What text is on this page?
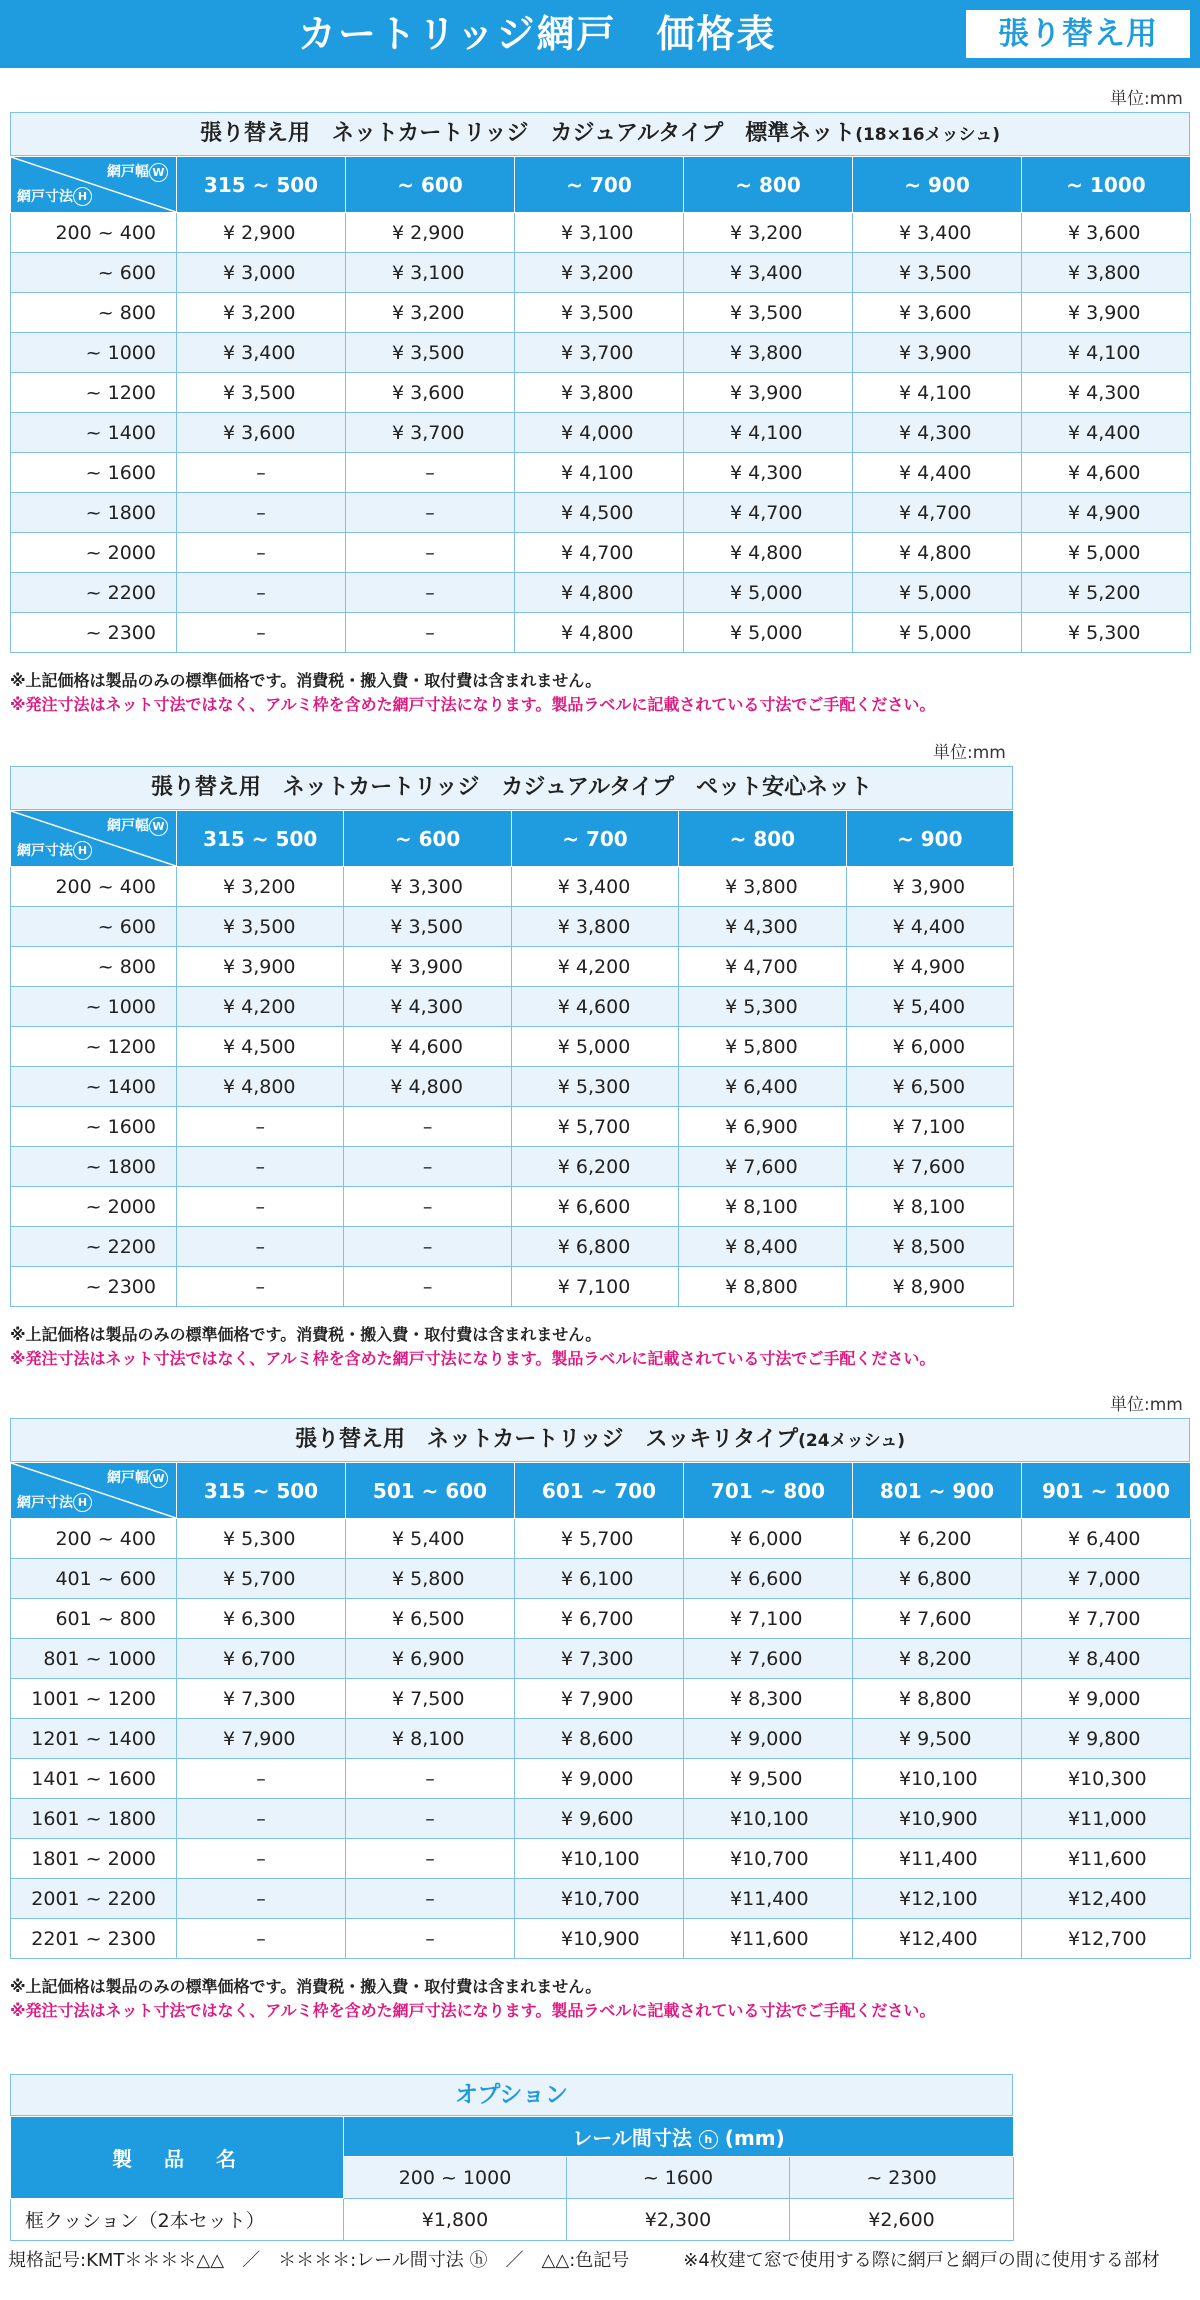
カートリッジ網戸　価格表	張り替え用
単位:mm
張り替え用　ネットカートリッジ　カジュアルタイプ　標準ネット(18×16メッシュ)
網戸幅 W
網戸寸法 H	315 ~ 500	~ 600	~ 700	~ 800	~ 900	~ 1000
200 ~ 400	¥ 2,900	¥ 2,900	¥ 3,100	¥ 3,200	¥ 3,400	¥ 3,600
~ 600	¥ 3,000	¥ 3,100	¥ 3,200	¥ 3,400	¥ 3,500	¥ 3,800
~ 800	¥ 3,200	¥ 3,200	¥ 3,500	¥ 3,500	¥ 3,600	¥ 3,900
~ 1000	¥ 3,400	¥ 3,500	¥ 3,700	¥ 3,800	¥ 3,900	¥ 4,100
~ 1200	¥ 3,500	¥ 3,600	¥ 3,800	¥ 3,900	¥ 4,100	¥ 4,300
~ 1400	¥ 3,600	¥ 3,700	¥ 4,000	¥ 4,100	¥ 4,300	¥ 4,400
~ 1600	–	–	¥ 4,100	¥ 4,300	¥ 4,400	¥ 4,600
~ 1800	–	–	¥ 4,500	¥ 4,700	¥ 4,700	¥ 4,900
~ 2000	–	–	¥ 4,700	¥ 4,800	¥ 4,800	¥ 5,000
~ 2200	–	–	¥ 4,800	¥ 5,000	¥ 5,000	¥ 5,200
~ 2300	–	–	¥ 4,800	¥ 5,000	¥ 5,000	¥ 5,300
※上記価格は製品のみの標準価格です。消費税・搬入費・取付費は含まれません。
※発注寸法はネット寸法ではなく、アルミ枠を含めた網戸寸法になります。製品ラベルに記載されている寸法でご手配ください。
単位:mm
張り替え用　ネットカートリッジ　カジュアルタイプ　ペット安心ネット
網戸幅 W
網戸寸法 H	315 ~ 500	~ 600	~ 700	~ 800	~ 900
200 ~ 400	¥ 3,200	¥ 3,300	¥ 3,400	¥ 3,800	¥ 3,900
~ 600	¥ 3,500	¥ 3,500	¥ 3,800	¥ 4,300	¥ 4,400
~ 800	¥ 3,900	¥ 3,900	¥ 4,200	¥ 4,700	¥ 4,900
~ 1000	¥ 4,200	¥ 4,300	¥ 4,600	¥ 5,300	¥ 5,400
~ 1200	¥ 4,500	¥ 4,600	¥ 5,000	¥ 5,800	¥ 6,000
~ 1400	¥ 4,800	¥ 4,800	¥ 5,300	¥ 6,400	¥ 6,500
~ 1600	–	–	¥ 5,700	¥ 6,900	¥ 7,100
~ 1800	–	–	¥ 6,200	¥ 7,600	¥ 7,600
~ 2000	–	–	¥ 6,600	¥ 8,100	¥ 8,100
~ 2200	–	–	¥ 6,800	¥ 8,400	¥ 8,500
~ 2300	–	–	¥ 7,100	¥ 8,800	¥ 8,900
※上記価格は製品のみの標準価格です。消費税・搬入費・取付費は含まれません。
※発注寸法はネット寸法ではなく、アルミ枠を含めた網戸寸法になります。製品ラベルに記載されている寸法でご手配ください。
単位:mm
張り替え用　ネットカートリッジ　スッキリタイプ(24メッシュ)
網戸幅 W
網戸寸法 H	315 ~ 500	501 ~ 600	601 ~ 700	701 ~ 800	801 ~ 900	901 ~ 1000
200 ~ 400	¥ 5,300	¥ 5,400	¥ 5,700	¥ 6,000	¥ 6,200	¥ 6,400
401 ~ 600	¥ 5,700	¥ 5,800	¥ 6,100	¥ 6,600	¥ 6,800	¥ 7,000
601 ~ 800	¥ 6,300	¥ 6,500	¥ 6,700	¥ 7,100	¥ 7,600	¥ 7,700
801 ~ 1000	¥ 6,700	¥ 6,900	¥ 7,300	¥ 7,600	¥ 8,200	¥ 8,400
1001 ~ 1200	¥ 7,300	¥ 7,500	¥ 7,900	¥ 8,300	¥ 8,800	¥ 9,000
1201 ~ 1400	¥ 7,900	¥ 8,100	¥ 8,600	¥ 9,000	¥ 9,500	¥ 9,800
1401 ~ 1600	–	–	¥ 9,000	¥ 9,500	¥10,100	¥10,300
1601 ~ 1800	–	–	¥ 9,600	¥10,100	¥10,900	¥11,000
1801 ~ 2000	–	–	¥10,100	¥10,700	¥11,400	¥11,600
2001 ~ 2200	–	–	¥10,700	¥11,400	¥12,100	¥12,400
2201 ~ 2300	–	–	¥10,900	¥11,600	¥12,400	¥12,700
※上記価格は製品のみの標準価格です。消費税・搬入費・取付費は含まれません。
※発注寸法はネット寸法ではなく、アルミ枠を含めた網戸寸法になります。製品ラベルに記載されている寸法でご手配ください。
オプション
製　品　名	レール間寸法 h (mm)		
	200 ~ 1000	~ 1600	~ 2300
框クッション（2本セット）	¥1,800	¥2,300	¥2,600
規格記号:KMT＊＊＊＊△△　／　＊＊＊＊:レール間寸法 ⓗ　／　△△:色記号　　　※4枚建て窓で使用する際に網戸と網戸の間に使用する部材
